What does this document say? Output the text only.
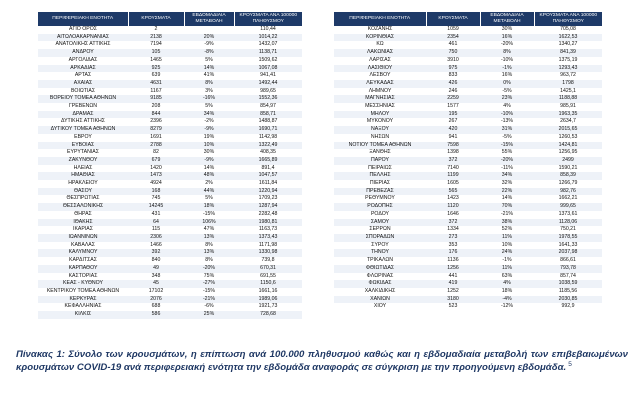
ΠΕΡΙΦΕΡΕΙΑΚΗ ΕΝΟΤΗΤΑ	ΚΡΟΥΣΜΑΤΑ	ΕΒΔΟΜΑΔΙΑΙΑ ΜΕΤΑΒΟΛΗ	ΚΡΟΥΣΜΑΤΑ ΑΝΑ 100000 ΠΛΗΘΥΣΜΟΥ
ΑΓΙΟ ΟΡΟΣ	2		110,44
ΑΙΤΩΛΟΑΚΑΡΝΑΝΙΑΣ	2138	20%	1014,22
ΑΝΑΤΟΛΙΚΗΣ ΑΤΤΙΚΗΣ	7194	-9%	1432,07
ΑΝΔΡΟΥ	105	-8%	1138,71
ΑΡΓΟΛΙΔΑΣ	1465	5%	1509,62
ΑΡΚΑΔΙΑΣ	925	14%	1067,08
ΑΡΤΑΣ	639	41%	941,41
ΑΧΑΪΑΣ	4631	8%	1492,44
ΒΟΙΩΤΙΑΣ	1167	3%	989,65
ΒΟΡΕΙΟΥ ΤΟΜΕΑ ΑΘΗΝΩΝ	9185	-16%	1552,36
ΓΡΕΒΕΝΩΝ	208	5%	854,97
ΔΡΑΜΑΣ	844	34%	858,71
ΔΥΤΙΚΗΣ ΑΤΤΙΚΗΣ	2396	-2%	1488,87
ΔΥΤΙΚΟΥ ΤΟΜΕΑ ΑΘΗΝΩΝ	8279	-9%	1690,71
ΕΒΡΟΥ	1691	19%	1142,98
ΕΥΒΟΙΑΣ	2788	10%	1322,49
ΕΥΡΥΤΑΝΙΑΣ	82	30%	408,35
ΖΑΚΥΝΘΟΥ	679	-9%	1665,89
ΗΛΕΙΑΣ	1420	14%	891,4
ΗΜΑΘΙΑΣ	1473	48%	1047,57
ΗΡΑΚΛΕΙΟΥ	4924	2%	1611,84
ΘΑΣΟΥ	168	44%	1220,94
ΘΕΣΠΡΩΤΙΑΣ	745	5%	1709,23
ΘΕΣΣΑΛΟΝΙΚΗΣ	14245	18%	1287,94
ΘΗΡΑΣ	431	-15%	2282,48
ΙΘΑΚΗΣ	64	106%	1980,81
ΙΚΑΡΙΑΣ	115	47%	1163,73
ΙΩΑΝΝΙΝΩΝ	2306	13%	1373,43
ΚΑΒΑΛΑΣ	1466	8%	1171,98
ΚΑΛΥΜΝΟΥ	392	13%	1330,98
ΚΑΡΔΙΤΣΑΣ	840	8%	739,8
ΚΑΡΠΑΘΟΥ	49	-20%	670,31
ΚΑΣΤΟΡΙΑΣ	348	75%	691,55
ΚΕΑΣ - ΚΥΘΝΟΥ	45	-27%	1150,6
ΚΕΝΤΡΙΚΟΥ ΤΟΜΕΑ ΑΘΗΝΩΝ	17102	-15%	1661,16
ΚΕΡΚΥΡΑΣ	2076	-21%	1989,06
ΚΕΦΑΛΛΗΝΙΑΣ	688	-6%	1921,73
ΚΙΛΚΙΣ	586	25%	728,68
ΠΕΡΙΦΕΡΕΙΑΚΗ ΕΝΟΤΗΤΑ	ΚΡΟΥΣΜΑΤΑ	ΕΒΔΟΜΑΔΙΑΙΑ ΜΕΤΑΒΟΛΗ	ΚΡΟΥΣΜΑΤΑ ΑΝΑ 100000 ΠΛΗΘΥΣΜΟΥ
ΚΟΖΑΝΗΣ	1059	30%	705,08
ΚΟΡΙΝΘΙΑΣ	2354	16%	1622,53
ΚΩ	461	-20%	1340,27
ΛΑΚΩΝΙΑΣ	750	8%	841,39
ΛΑΡΙΣΑΣ	3910	-10%	1375,19
ΛΑΣΙΘΙΟΥ	975	-1%	1293,43
ΛΕΣΒΟΥ	833	16%	963,72
ΛΕΥΚΑΔΑΣ	426	0%	1798
ΛΗΜΝΟΥ	246	-5%	1425,1
ΜΑΓΝΗΣΙΑΣ	2259	23%	1188,88
ΜΕΣΣΗΝΙΑΣ	1577	4%	985,91
ΜΗΛΟΥ	195	-10%	1963,35
ΜΥΚΟΝΟΥ	267	-13%	2634,7
ΝΑΞΟΥ	420	31%	2015,65
ΝΗΣΩΝ	941	-5%	1260,53
ΝΟΤΙΟΥ ΤΟΜΕΑ ΑΘΗΝΩΝ	7598	-15%	1424,81
ΞΑΝΘΗΣ	1398	55%	1256,95
ΠΑΡΟΥ	372	-20%	2499
ΠΕΙΡΑΙΩΣ	7140	-11%	1590,21
ΠΕΛΛΗΣ	1199	34%	858,39
ΠΙΕΡΙΑΣ	1605	32%	1266,79
ΠΡΕΒΕΖΑΣ	565	22%	982,76
ΡΕΘΥΜΝΟΥ	1423	14%	1662,21
ΡΟΔΟΠΗΣ	1120	70%	999,65
ΡΟΔΟΥ	1646	-21%	1373,61
ΣΑΜΟΥ	372	38%	1128,06
ΣΕΡΡΩΝ	1334	52%	750,21
ΣΠΟΡΑΔΩΝ	273	11%	1978,55
ΣΥΡΟΥ	353	10%	1641,33
ΤΗΝΟΥ	176	24%	2037,98
ΤΡΙΚΑΛΩΝ	1136	-1%	866,61
ΦΘΙΩΤΙΔΑΣ	1256	11%	793,78
ΦΛΩΡΙΝΑΣ	441	63%	857,74
ΦΩΚΙΔΑΣ	419	4%	1038,59
ΧΑΛΚΙΔΙΚΗΣ	1252	18%	1185,56
ΧΑΝΙΩΝ	3180	-4%	2030,85
ΧΙΟΥ	523	-12%	992,9

Πίνακας 1: Σύνολο των κρουσμάτων, η επίπτωση ανά 100.000 πληθυσμού καθώς και η εβδομαδιαία μεταβολή των επιβεβαιωμένων κρουσμάτων COVID-19 ανά περιφερειακή ενότητα την εβδομάδα αναφοράς σε σύγκριση με την προηγούμενη εβδομάδα. $^5$
